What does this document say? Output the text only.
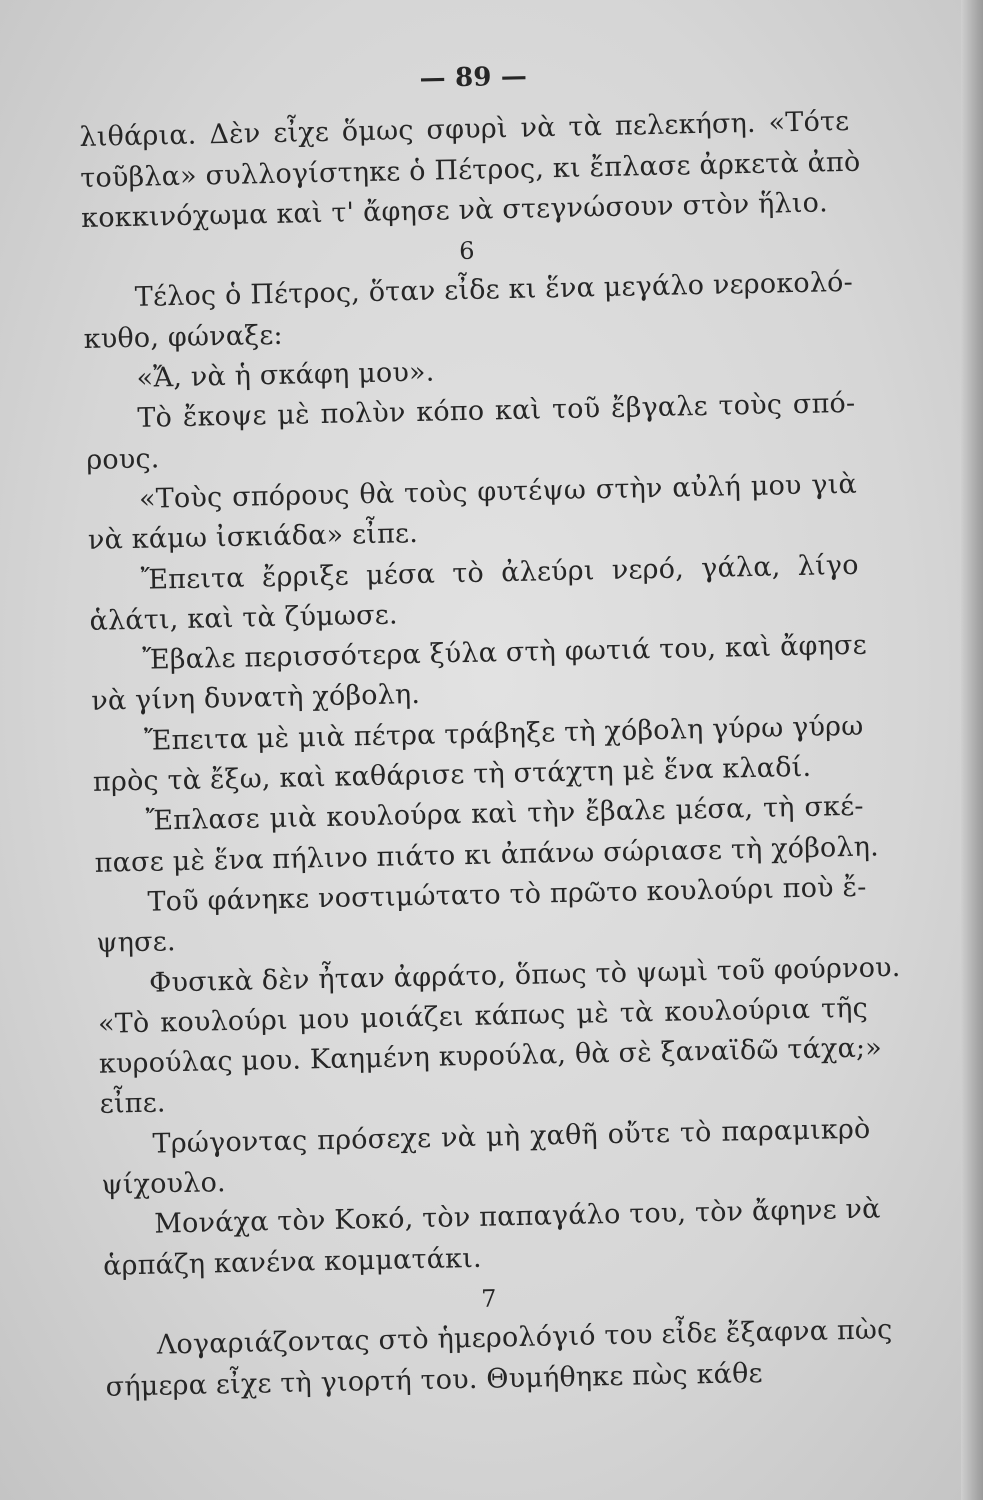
— 89 —
λιθάρια. Δὲν εἶχε ὅμως σφυρὶ νὰ τὰ πελεκήση. «Τότε
τοῦβλα» συλλογίστηκε ὁ Πέτρος, κι ἔπλασε ἀρκετὰ ἀπὸ
κοκκινόχωμα καὶ τ' ἄφησε νὰ στεγνώσουν στὸν ἥλιο.
6
Τέλος ὁ Πέτρος, ὅταν εἶδε κι ἕνα μεγάλο νεροκολό-
κυθο, φώναξε:
«Ἄ, νὰ ἡ σκάφη μου».
Τὸ ἔκοψε μὲ πολὺν κόπο καὶ τοῦ ἔβγαλε τοὺς σπό-
ρους.
«Τοὺς σπόρους θὰ τοὺς φυτέψω στὴν αὐλή μου γιὰ
νὰ κάμω ἰσκιάδα» εἶπε.
Ἔπειτα ἔρριξε μέσα τὸ ἀλεύρι νερό, γάλα, λίγο
ἁλάτι, καὶ τὰ ζύμωσε.
Ἔβαλε περισσότερα ξύλα στὴ φωτιά του, καὶ ἄφησε
νὰ γίνη δυνατὴ χόβολη.
Ἔπειτα μὲ μιὰ πέτρα τράβηξε τὴ χόβολη γύρω γύρω
πρὸς τὰ ἔξω, καὶ καθάρισε τὴ στάχτη μὲ ἕνα κλαδί.
Ἔπλασε μιὰ κουλούρα καὶ τὴν ἔβαλε μέσα, τὴ σκέ-
πασε μὲ ἕνα πήλινο πιάτο κι ἀπάνω σώριασε τὴ χόβολη.
Τοῦ φάνηκε νοστιμώτατο τὸ πρῶτο κουλούρι ποὺ ἔ-
ψησε.
Φυσικὰ δὲν ἦταν ἀφράτο, ὅπως τὸ ψωμὶ τοῦ φούρνου.
«Τὸ κουλούρι μου μοιάζει κάπως μὲ τὰ κουλούρια τῆς
κυρούλας μου. Καημένη κυρούλα, θὰ σὲ ξαναϊδῶ τάχα;»
εἶπε.
Τρώγοντας πρόσεχε νὰ μὴ χαθῆ οὔτε τὸ παραμικρὸ
ψίχουλο.
Μονάχα τὸν Κοκό, τὸν παπαγάλο του, τὸν ἄφηνε νὰ
ἁρπάζη κανένα κομματάκι.
7
Λογαριάζοντας στὸ ἡμερολόγιό του εἶδε ἔξαφνα πὼς
σήμερα εἶχε τὴ γιορτή του. Θυμήθηκε πὼς κάθε
